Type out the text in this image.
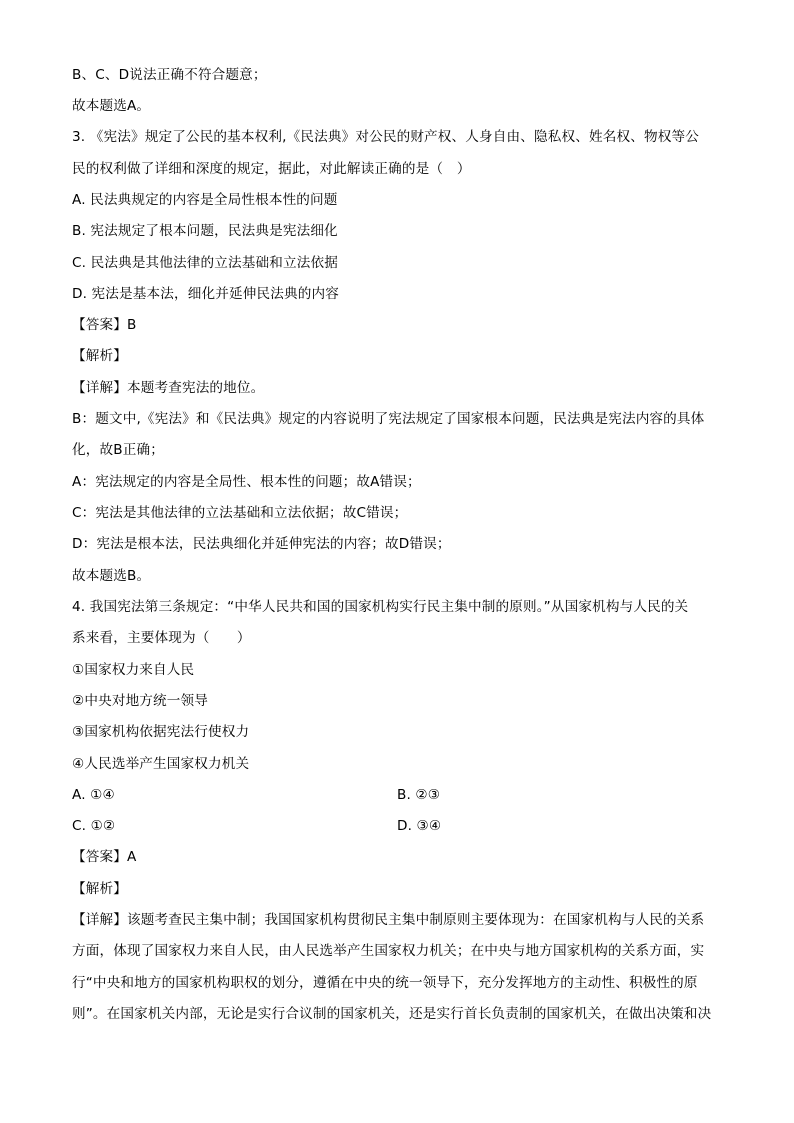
B、C、D说法正确不符合题意；
故本题选A。
3. 《宪法》规定了公民的基本权利,《民法典》对公民的财产权、人身自由、隐私权、姓名权、物权等公
民的权利做了详细和深度的规定，据此，对此解读正确的是（　）
A. 民法典规定的内容是全局性根本性的问题
B. 宪法规定了根本问题，民法典是宪法细化
C. 民法典是其他法律的立法基础和立法依据
D. 宪法是基本法，细化并延伸民法典的内容
【答案】B
【解析】
【详解】本题考查宪法的地位。
B：题文中,《宪法》和《民法典》规定的内容说明了宪法规定了国家根本问题，民法典是宪法内容的具体
化，故B正确；
A：宪法规定的内容是全局性、根本性的问题；故A错误；
C：宪法是其他法律的立法基础和立法依据；故C错误；
D：宪法是根本法，民法典细化并延伸宪法的内容；故D错误；
故本题选B。
4. 我国宪法第三条规定：“中华人民共和国的国家机构实行民主集中制的原则。”从国家机构与人民的关
系来看，主要体现为（　　）
①国家权力来自人民
②中央对地方统一领导
③国家机构依据宪法行使权力
④人民选举产生国家权力机关
A. ①④	B. ②③
C. ①②	D. ③④
【答案】A
【解析】
【详解】该题考查民主集中制；我国国家机构贯彻民主集中制原则主要体现为：在国家机构与人民的关系
方面，体现了国家权力来自人民，由人民选举产生国家权力机关；在中央与地方国家机构的关系方面，实
行“中央和地方的国家机构职权的划分，遵循在中央的统一领导下，充分发挥地方的主动性、积极性的原
则”。在国家机关内部，无论是实行合议制的国家机关，还是实行首长负责制的国家机关，在做出决策和决
